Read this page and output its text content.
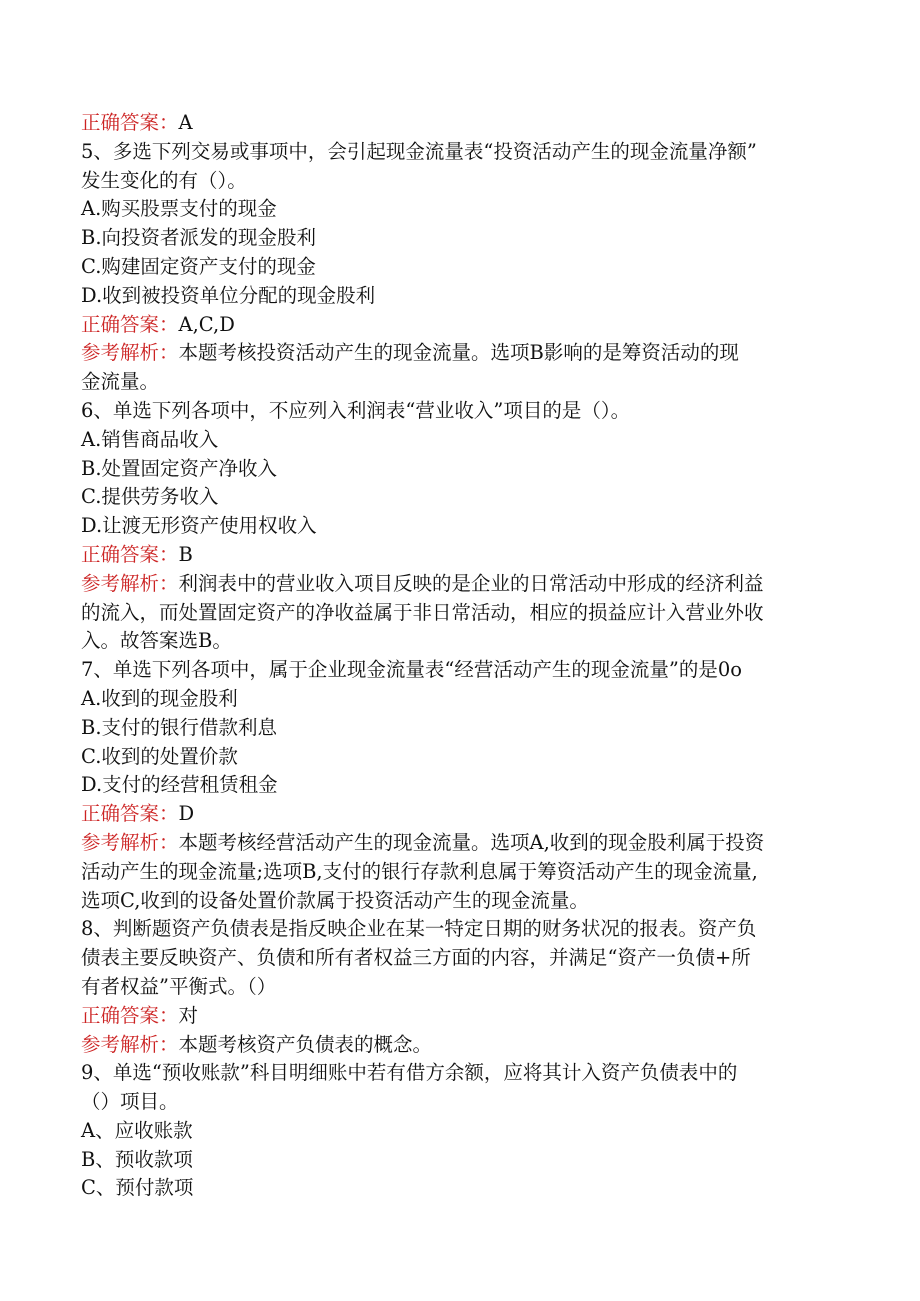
正确答案：A
5、多选下列交易或事项中，会引起现金流量表“投资活动产生的现金流量净额”
发生变化的有（）。
A.购买股票支付的现金
B.向投资者派发的现金股利
C.购建固定资产支付的现金
D.收到被投资单位分配的现金股利
正确答案：A,C,D
参考解析：本题考核投资活动产生的现金流量。选项B影响的是筹资活动的现
金流量。
6、单选下列各项中，不应列入利润表“营业收入”项目的是（）。
A.销售商品收入
B.处置固定资产净收入
C.提供劳务收入
D.让渡无形资产使用权收入
正确答案：B
参考解析：利润表中的营业收入项目反映的是企业的日常活动中形成的经济利益
的流入，而处置固定资产的净收益属于非日常活动，相应的损益应计入营业外收
入。故答案选B。
7、单选下列各项中，属于企业现金流量表“经营活动产生的现金流量”的是0o
A.收到的现金股利
B.支付的银行借款利息
C.收到的处置价款
D.支付的经营租赁租金
正确答案：D
参考解析：本题考核经营活动产生的现金流量。选项A,收到的现金股利属于投资
活动产生的现金流量;选项B,支付的银行存款利息属于筹资活动产生的现金流量,
选项C,收到的设备处置价款属于投资活动产生的现金流量。
8、判断题资产负债表是指反映企业在某一特定日期的财务状况的报表。资产负
债表主要反映资产、负债和所有者权益三方面的内容，并满足“资产一负债+所
有者权益”平衡式。（）
正确答案：对
参考解析：本题考核资产负债表的概念。
9、单选“预收账款”科目明细账中若有借方余额，应将其计入资产负债表中的
（）项目。
A、应收账款
B、预收款项
C、预付款项
